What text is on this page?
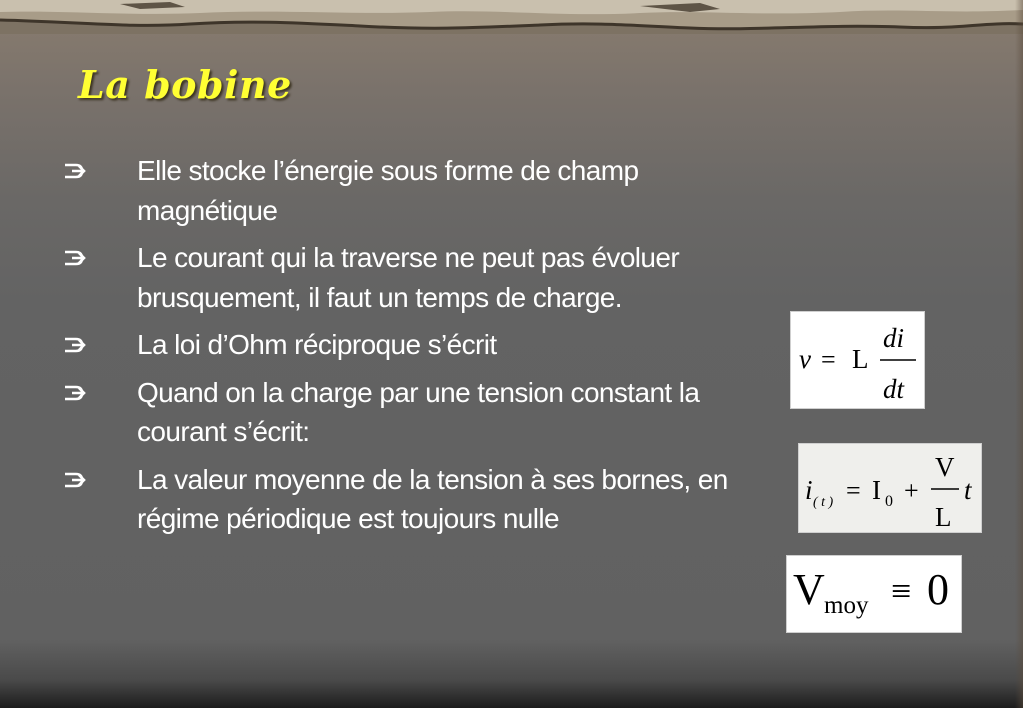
La bobine
Elle stocke l’énergie sous forme de champ magnétique
Le courant qui la traverse ne peut pas évoluer brusquement, il faut un temps de charge.
La loi d’Ohm réciproque s’écrit
Quand on la charge par une tension constant la courant s’écrit:
La valeur moyenne de la tension à ses bornes, en régime périodique est toujours nulle
v = L
di
dt
i ( t ) = I 0 +
V
L
t
V moy ≡ 0
